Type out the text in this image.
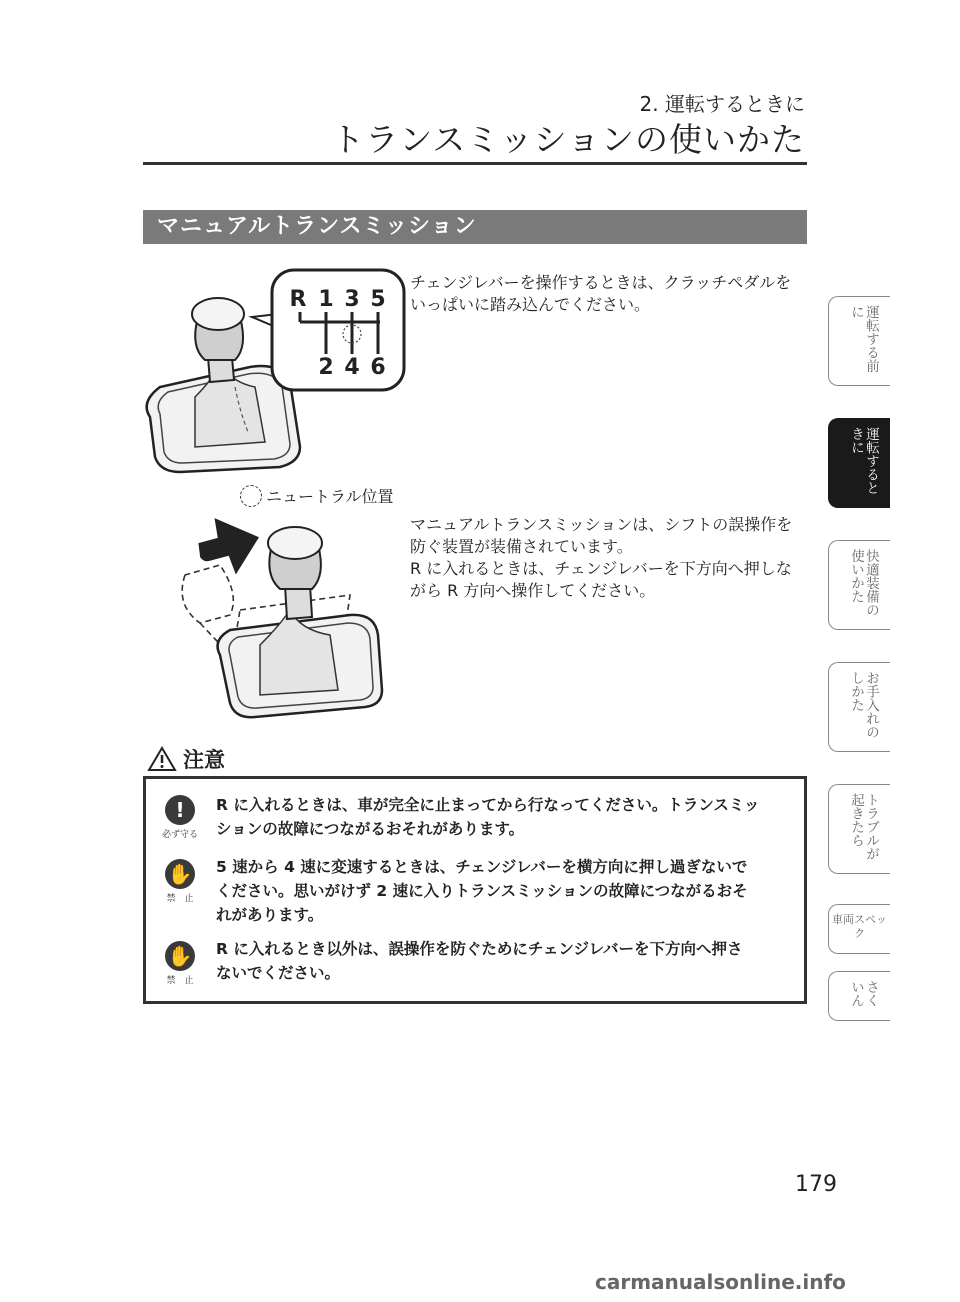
2. 運転するときに
トランスミッションの使いかた
マニュアルトランスミッション
R 1 3 5
2 4 6
チェンジレバーを操作するときは、クラッチペダルを
いっぱいに踏み込んでください。
ニュートラル位置
マニュアルトランスミッションは、シフトの誤操作を
防ぐ装置が装備されています。
R に入れるときは、チェンジレバーを下方向へ押しな
がら R 方向へ操作してください。
注意
!
必ず守る
R に入れるときは、車が完全に止まってから行なってください。トランスミッ
ションの故障につながるおそれがあります。
✋
禁　止
5 速から 4 速に変速するときは、チェンジレバーを横方向に押し過ぎないで
ください。思いがけず 2 速に入りトランスミッションの故障につながるおそ
れがあります。
✋
禁　止
R に入れるとき以外は、誤操作を防ぐためにチェンジレバーを下方向へ押さ
ないでください。
運転する前に
運転するときに
快適装備の使いかた
お手入れのしかた
トラブルが起きたら
車両スペック
さくいん
179
carmanualsonline.info
